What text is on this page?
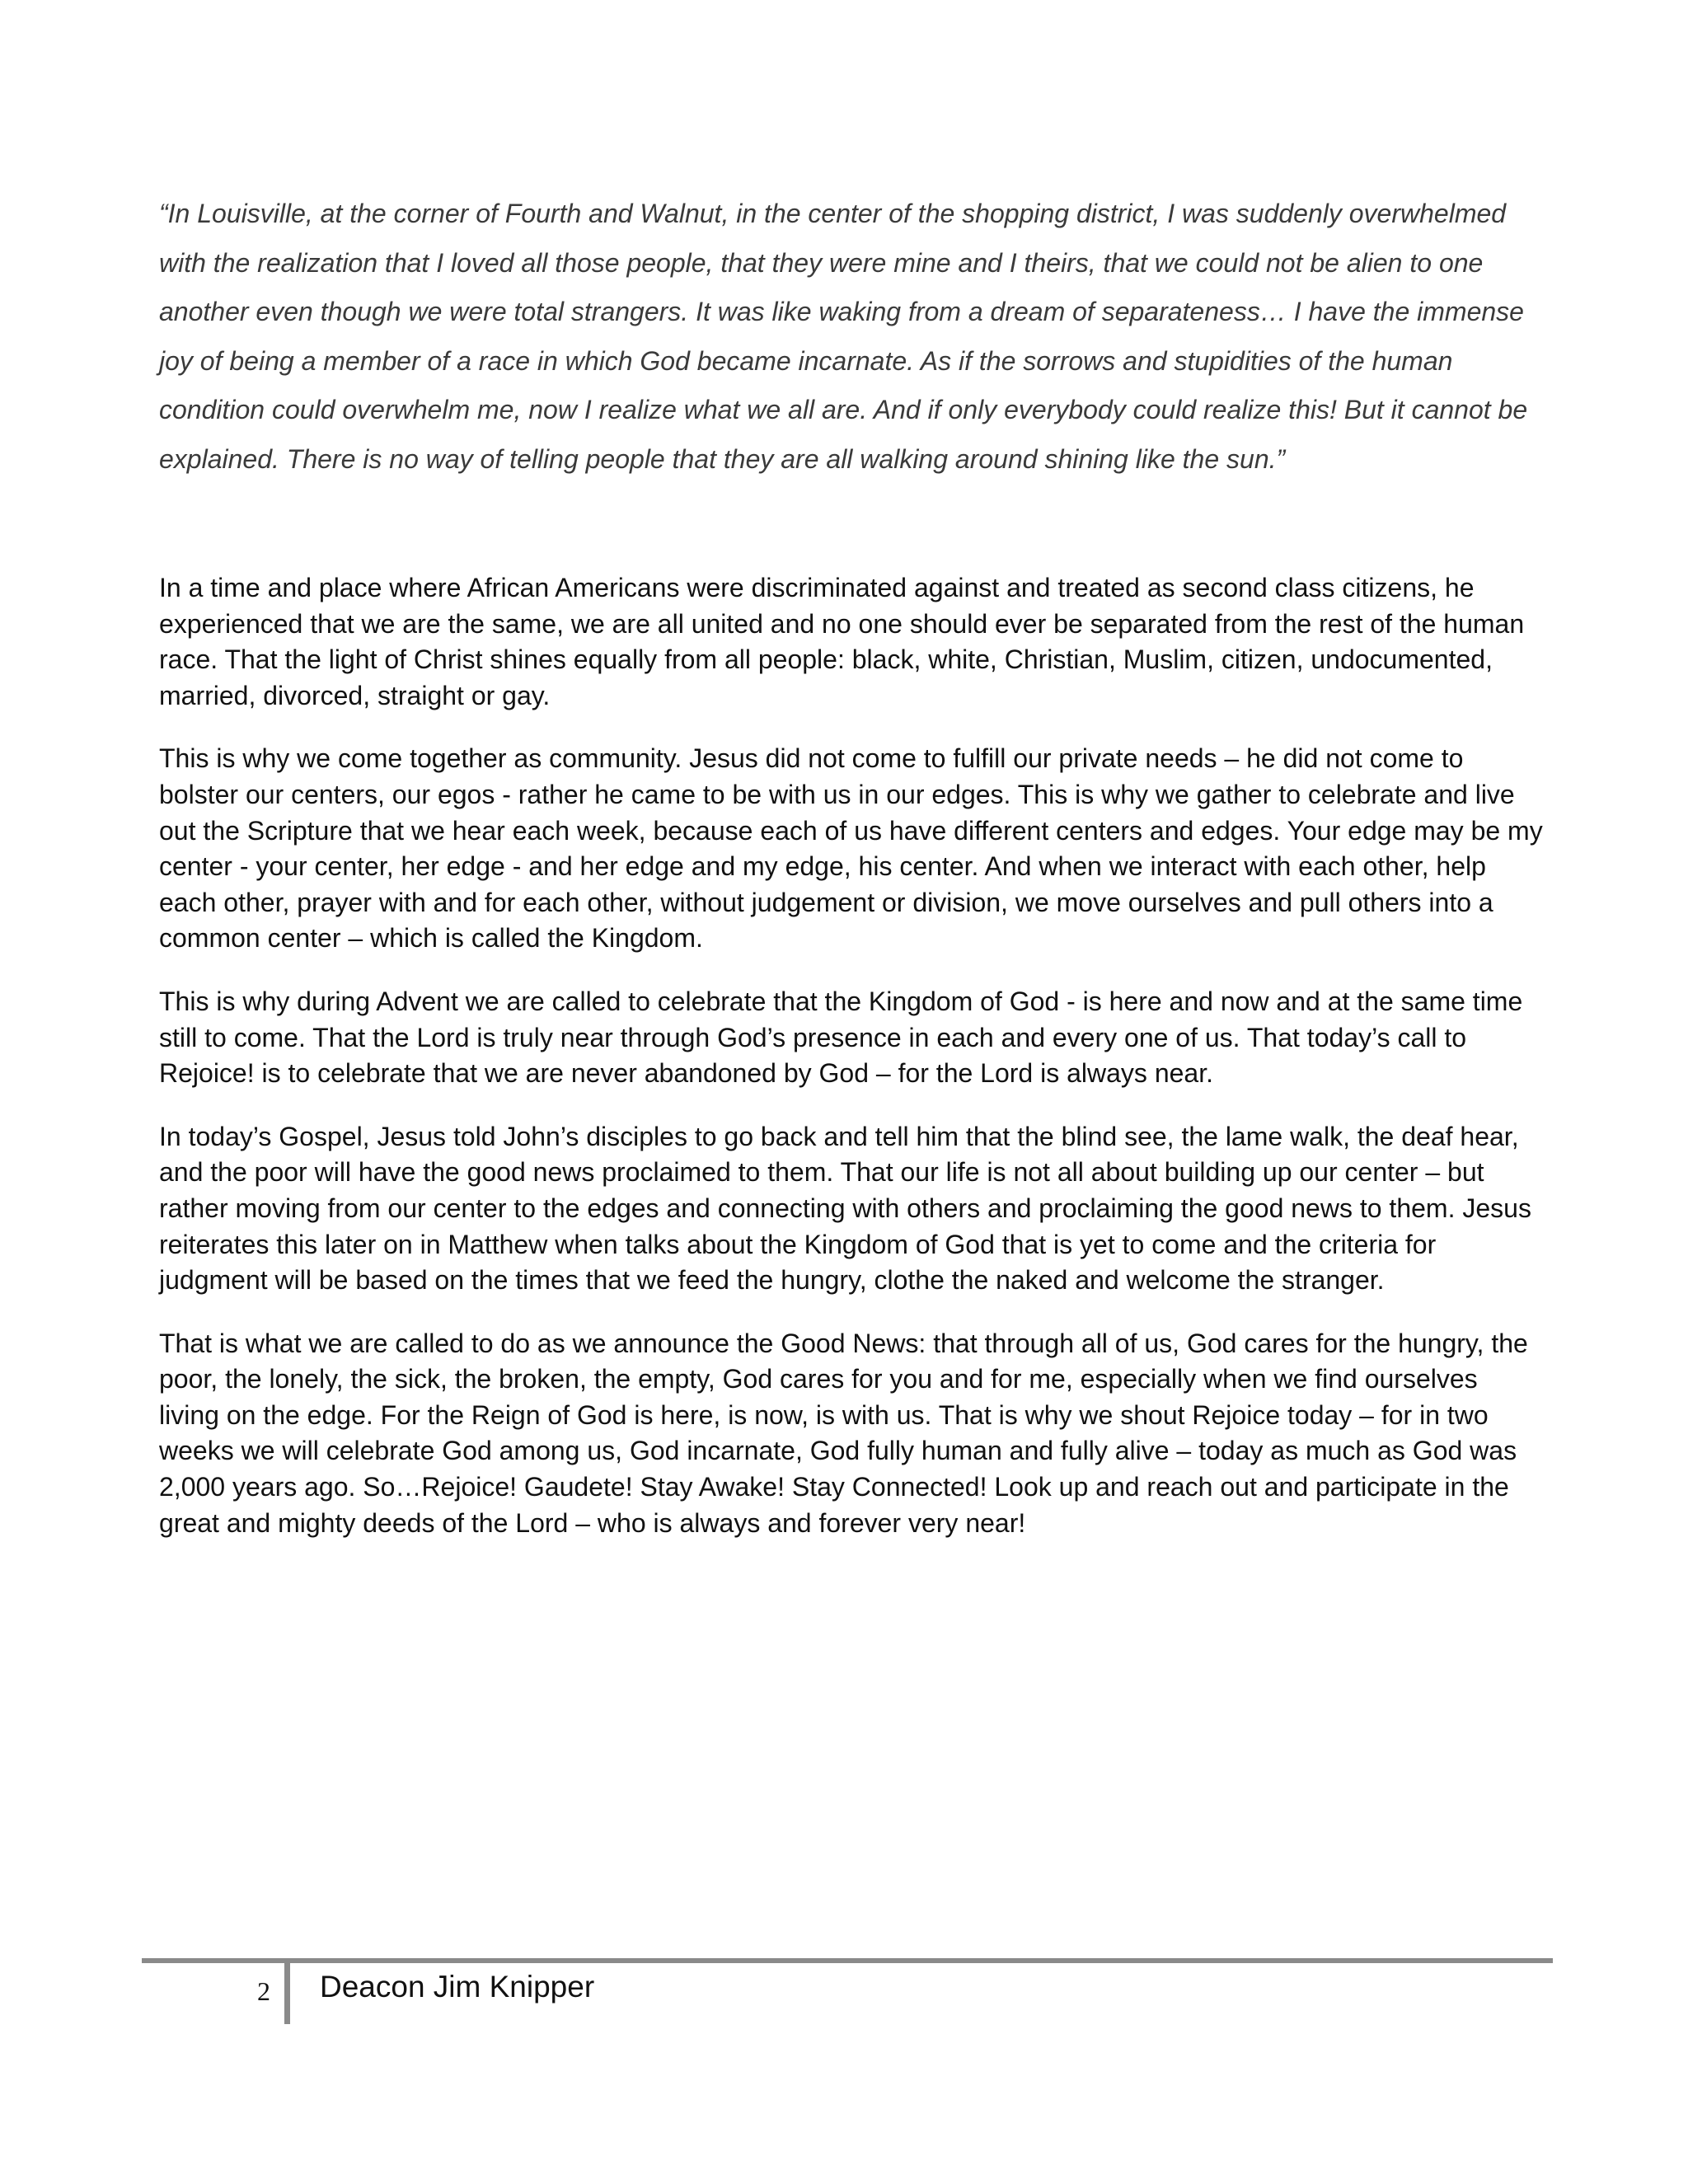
“In Louisville, at the corner of Fourth and Walnut, in the center of the shopping district, I was suddenly overwhelmed with the realization that I loved all those people, that they were mine and I theirs, that we could not be alien to one another even though we were total strangers. It was like waking from a dream of separateness… I have the immense joy of being a member of a race in which God became incarnate. As if the sorrows and stupidities of the human condition could overwhelm me, now I realize what we all are. And if only everybody could realize this! But it cannot be explained. There is no way of telling people that they are all walking around shining like the sun.”

In a time and place where African Americans were discriminated against and treated as second class citizens, he experienced that we are the same, we are all united and no one should ever be separated from the rest of the human race. That the light of Christ shines equally from all people: black, white, Christian, Muslim, citizen, undocumented, married, divorced, straight or gay.

This is why we come together as community. Jesus did not come to fulfill our private needs – he did not come to bolster our centers, our egos - rather he came to be with us in our edges. This is why we gather to celebrate and live out the Scripture that we hear each week, because each of us have different centers and edges. Your edge may be my center - your center, her edge - and her edge and my edge, his center. And when we interact with each other, help each other, prayer with and for each other, without judgement or division, we move ourselves and pull others into a common center – which is called the Kingdom.

This is why during Advent we are called to celebrate that the Kingdom of God - is here and now and at the same time still to come. That the Lord is truly near through God’s presence in each and every one of us. That today’s call to Rejoice! is to celebrate that we are never abandoned by God – for the Lord is always near.

In today’s Gospel, Jesus told John’s disciples to go back and tell him that the blind see, the lame walk, the deaf hear, and the poor will have the good news proclaimed to them. That our life is not all about building up our center – but rather moving from our center to the edges and connecting with others and proclaiming the good news to them. Jesus reiterates this later on in Matthew when talks about the Kingdom of God that is yet to come and the criteria for judgment will be based on the times that we feed the hungry, clothe the naked and welcome the stranger.

That is what we are called to do as we announce the Good News: that through all of us, God cares for the hungry, the poor, the lonely, the sick, the broken, the empty, God cares for you and for me, especially when we find ourselves living on the edge. For the Reign of God is here, is now, is with us. That is why we shout Rejoice today – for in two weeks we will celebrate God among us, God incarnate, God fully human and fully alive – today as much as God was 2,000 years ago. So…Rejoice! Gaudete! Stay Awake! Stay Connected! Look up and reach out and participate in the great and mighty deeds of the Lord – who is always and forever very near!

2 Deacon Jim Knipper
